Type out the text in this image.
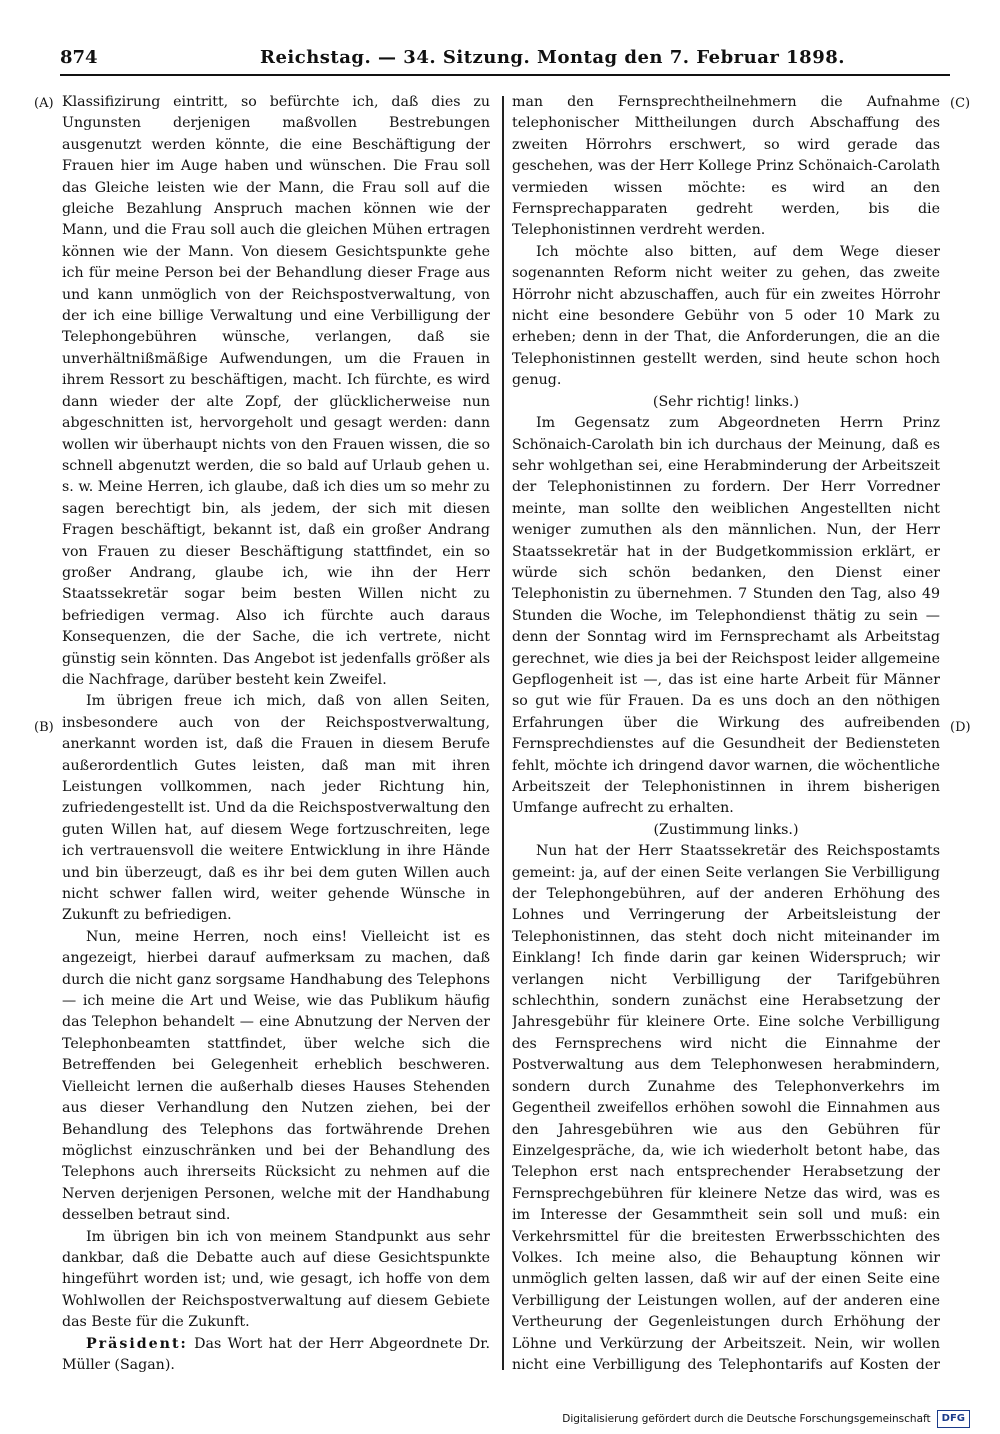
874	Reichstag. — 34. Sitzung. Montag den 7. Februar 1898.
(A)
(B)
(C)
(D)

Klassifizirung eintritt, so befürchte ich, daß dies zu Ungunsten derjenigen maßvollen Bestrebungen ausgenutzt werden könnte, die eine Beschäftigung der Frauen hier im Auge haben und wünschen. Die Frau soll das Gleiche leisten wie der Mann, die Frau soll auf die gleiche Bezahlung Anspruch machen können wie der Mann, und die Frau soll auch die gleichen Mühen ertragen können wie der Mann. Von diesem Gesichtspunkte gehe ich für meine Person bei der Behandlung dieser Frage aus und kann unmöglich von der Reichspostverwaltung, von der ich eine billige Verwaltung und eine Verbilligung der Telephongebühren wünsche, verlangen, daß sie unverhältnißmäßige Aufwendungen, um die Frauen in ihrem Ressort zu beschäftigen, macht. Ich fürchte, es wird dann wieder der alte Zopf, der glücklicherweise nun abgeschnitten ist, hervorgeholt und gesagt werden: dann wollen wir überhaupt nichts von den Frauen wissen, die so schnell abgenutzt werden, die so bald auf Urlaub gehen u. s. w. Meine Herren, ich glaube, daß ich dies um so mehr zu sagen berechtigt bin, als jedem, der sich mit diesen Fragen beschäftigt, bekannt ist, daß ein großer Andrang von Frauen zu dieser Beschäftigung stattfindet, ein so großer Andrang, glaube ich, wie ihn der Herr Staatssekretär sogar beim besten Willen nicht zu befriedigen vermag. Also ich fürchte auch daraus Konsequenzen, die der Sache, die ich vertrete, nicht günstig sein könnten. Das Angebot ist jedenfalls größer als die Nachfrage, darüber besteht kein Zweifel.

Im übrigen freue ich mich, daß von allen Seiten, insbesondere auch von der Reichspostverwaltung, anerkannt worden ist, daß die Frauen in diesem Berufe außerordentlich Gutes leisten, daß man mit ihren Leistungen vollkommen, nach jeder Richtung hin, zufriedengestellt ist. Und da die Reichspostverwaltung den guten Willen hat, auf diesem Wege fortzuschreiten, lege ich vertrauensvoll die weitere Entwicklung in ihre Hände und bin überzeugt, daß es ihr bei dem guten Willen auch nicht schwer fallen wird, weiter gehende Wünsche in Zukunft zu befriedigen.

Nun, meine Herren, noch eins! Vielleicht ist es angezeigt, hierbei darauf aufmerksam zu machen, daß durch die nicht ganz sorgsame Handhabung des Telephons — ich meine die Art und Weise, wie das Publikum häufig das Telephon behandelt — eine Abnutzung der Nerven der Telephonbeamten stattfindet, über welche sich die Betreffenden bei Gelegenheit erheblich beschweren. Vielleicht lernen die außerhalb dieses Hauses Stehenden aus dieser Verhandlung den Nutzen ziehen, bei der Behandlung des Telephons das fortwährende Drehen möglichst einzuschränken und bei der Behandlung des Telephons auch ihrerseits Rücksicht zu nehmen auf die Nerven derjenigen Personen, welche mit der Handhabung desselben betraut sind.

Im übrigen bin ich von meinem Standpunkt aus sehr dankbar, daß die Debatte auch auf diese Gesichtspunkte hingeführt worden ist; und, wie gesagt, ich hoffe von dem Wohlwollen der Reichspostverwaltung auf diesem Gebiete das Beste für die Zukunft.

Präsident: Das Wort hat der Herr Abgeordnete Dr. Müller (Sagan).

man den Fernsprechtheilnehmern die Aufnahme telephonischer Mittheilungen durch Abschaffung des zweiten Hörrohrs erschwert, so wird gerade das geschehen, was der Herr Kollege Prinz Schönaich-Carolath vermieden wissen möchte: es wird an den Fernsprechapparaten gedreht werden, bis die Telephonistinnen verdreht werden.

Ich möchte also bitten, auf dem Wege dieser sogenannten Reform nicht weiter zu gehen, das zweite Hörrohr nicht abzuschaffen, auch für ein zweites Hörrohr nicht eine besondere Gebühr von 5 oder 10 Mark zu erheben; denn in der That, die Anforderungen, die an die Telephonistinnen gestellt werden, sind heute schon hoch genug.

(Sehr richtig! links.)

Im Gegensatz zum Abgeordneten Herrn Prinz Schönaich-Carolath bin ich durchaus der Meinung, daß es sehr wohlgethan sei, eine Herabminderung der Arbeitszeit der Telephonistinnen zu fordern. Der Herr Vorredner meinte, man sollte den weiblichen Angestellten nicht weniger zumuthen als den männlichen. Nun, der Herr Staatssekretär hat in der Budgetkommission erklärt, er würde sich schön bedanken, den Dienst einer Telephonistin zu übernehmen. 7 Stunden den Tag, also 49 Stunden die Woche, im Telephondienst thätig zu sein — denn der Sonntag wird im Fernsprechamt als Arbeitstag gerechnet, wie dies ja bei der Reichspost leider allgemeine Gepflogenheit ist —, das ist eine harte Arbeit für Männer so gut wie für Frauen. Da es uns doch an den nöthigen Erfahrungen über die Wirkung des aufreibenden Fernsprechdienstes auf die Gesundheit der Bediensteten fehlt, möchte ich dringend davor warnen, die wöchentliche Arbeitszeit der Telephonistinnen in ihrem bisherigen Umfange aufrecht zu erhalten.

(Zustimmung links.)

Nun hat der Herr Staatssekretär des Reichspostamts gemeint: ja, auf der einen Seite verlangen Sie Verbilligung der Telephongebühren, auf der anderen Erhöhung des Lohnes und Verringerung der Arbeitsleistung der Telephonistinnen, das steht doch nicht miteinander im Einklang! Ich finde darin gar keinen Widerspruch; wir verlangen nicht Verbilligung der Tarifgebühren schlechthin, sondern zunächst eine Herabsetzung der Jahresgebühr für kleinere Orte. Eine solche Verbilligung des Fernsprechens wird nicht die Einnahme der Postverwaltung aus dem Telephonwesen herabmindern, sondern durch Zunahme des Telephonverkehrs im Gegentheil zweifellos erhöhen sowohl die Einnahmen aus den Jahresgebühren wie aus den Gebühren für Einzelgespräche, da, wie ich wiederholt betont habe, das Telephon erst nach entsprechender Herabsetzung der Fernsprechgebühren für kleinere Netze das wird, was es im Interesse der Gesammtheit sein soll und muß: ein Verkehrsmittel für die breitesten Erwerbsschichten des Volkes. Ich meine also, die Behauptung können wir unmöglich gelten lassen, daß wir auf der einen Seite eine Verbilligung der Leistungen wollen, auf der anderen eine Vertheurung der Gegenleistungen durch Erhöhung der Löhne und Verkürzung der Arbeitszeit. Nein, wir wollen nicht eine Verbilligung des Telephontarifs auf Kosten der

Digitalisierung gefördert durch die Deutsche Forschungsgemeinschaft	DFG
